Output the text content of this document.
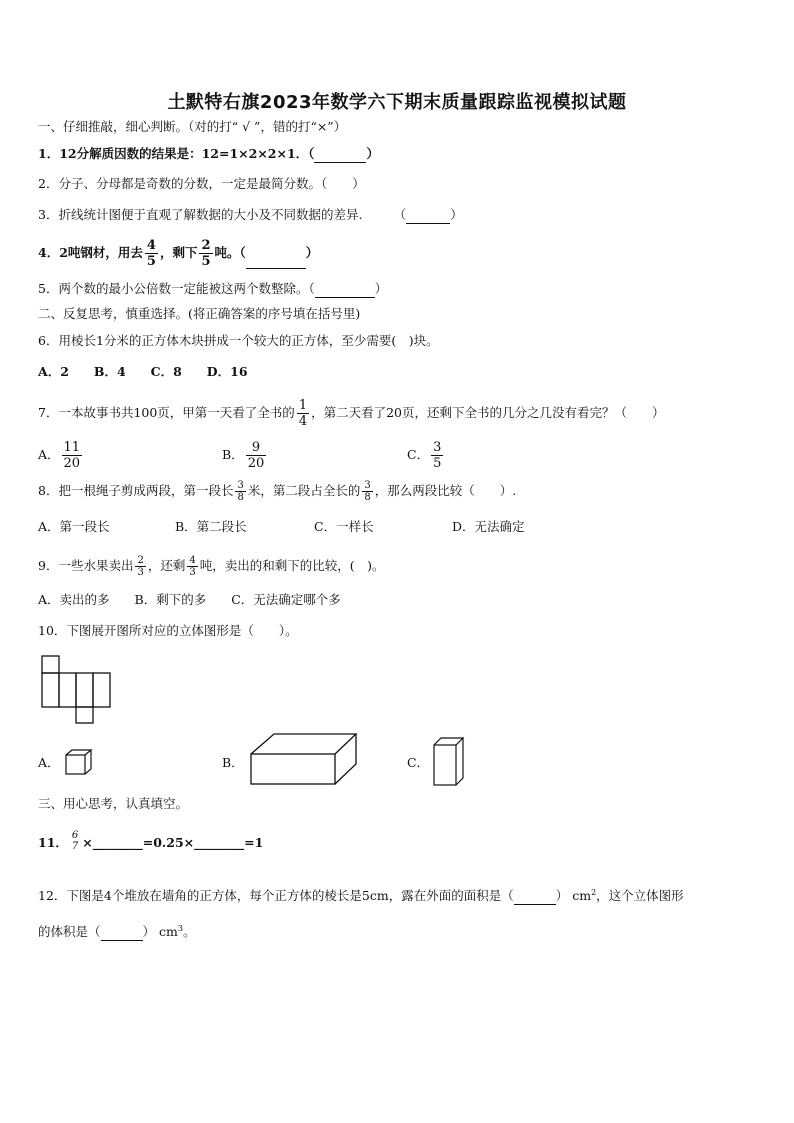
土默特右旗2023年数学六下期末质量跟踪监视模拟试题
一、仔细推敲，细心判断。（对的打“ √ ”，错的打“×”）
1．12分解质因数的结果是：12=1×2×2×1．（	）
2．分子、分母都是奇数的分数，一定是最简分数。（　　）
3．折线统计图便于直观了解数据的大小及不同数据的差异.　　　（	）
4．2吨钢材，用去 $\frac{4}{5}$ ，剩下 $\frac{2}{5}$ 吨。（	）
5．两个数的最小公倍数一定能被这两个数整除。（	）
二、反复思考，慎重选择。(将正确答案的序号填在括号里)
6．用棱长1分米的正方体木块拼成一个较大的正方体，至少需要(　)块。
A．2　　B．4　　C．8　　D．16
7．一本故事书共100页，甲第一天看了全书的 $\frac{1}{4}$ ，第二天看了20页，还剩下全书的几分之几没有看完？（　　）
A． $\frac{11}{20}$	B． $\frac{9}{20}$	C． $\frac{3}{5}$
8．把一根绳子剪成两段，第一段长 $\frac{3}{8}$ 米，第二段占全长的 $\frac{3}{8}$ ，那么两段比较（　　）.
A．第一段长	B．第二段长	C．一样长	D．无法确定
9．一些水果卖出 $\frac{2}{3}$ ，还剩 $\frac{4}{3}$ 吨，卖出的和剩下的比较，(　)。
A．卖出的多　　B．剩下的多　　C．无法确定哪个多
10．下图展开图所对应的立体图形是（　　）。
A．	B．	C．
三、用心思考，认真填空。
11． 6
7 ×________=0.25×________=1
12．下图是4个堆放在墙角的正方体，每个正方体的棱长是5cm，露在外面的面积是（	） $cm^2$，这个立体图形
的体积是（	） $cm^3$。
